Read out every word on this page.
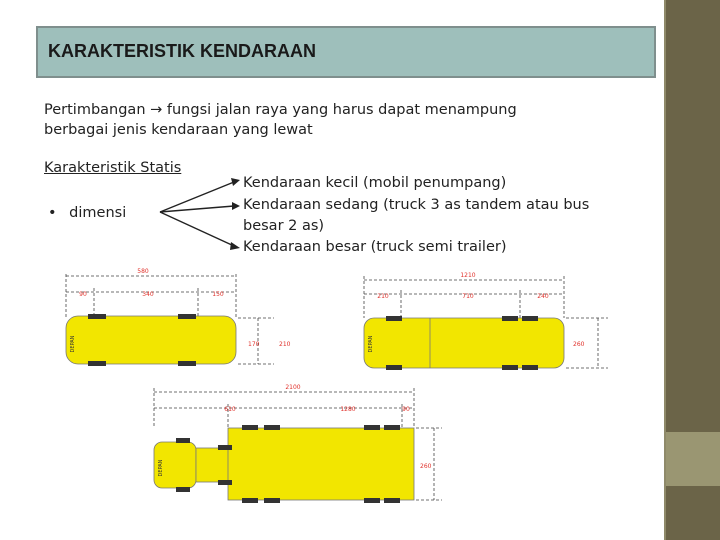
KARAKTERISTIK KENDARAAN
Pertimbangan → fungsi jalan raya yang harus dapat menampung
berbagai jenis kendaraan yang lewat
Karakteristik Statis
• dimensi
Kendaraan kecil (mobil penumpang)
Kendaraan sedang (truck 3 as tandem atau bus
besar 2 as)
Kendaraan besar (truck semi trailer)
580
90	340	150
DEPAN	170	210
1210
210	710	240
DEPAN	260
2100
610	1280	90
DEPAN	260
